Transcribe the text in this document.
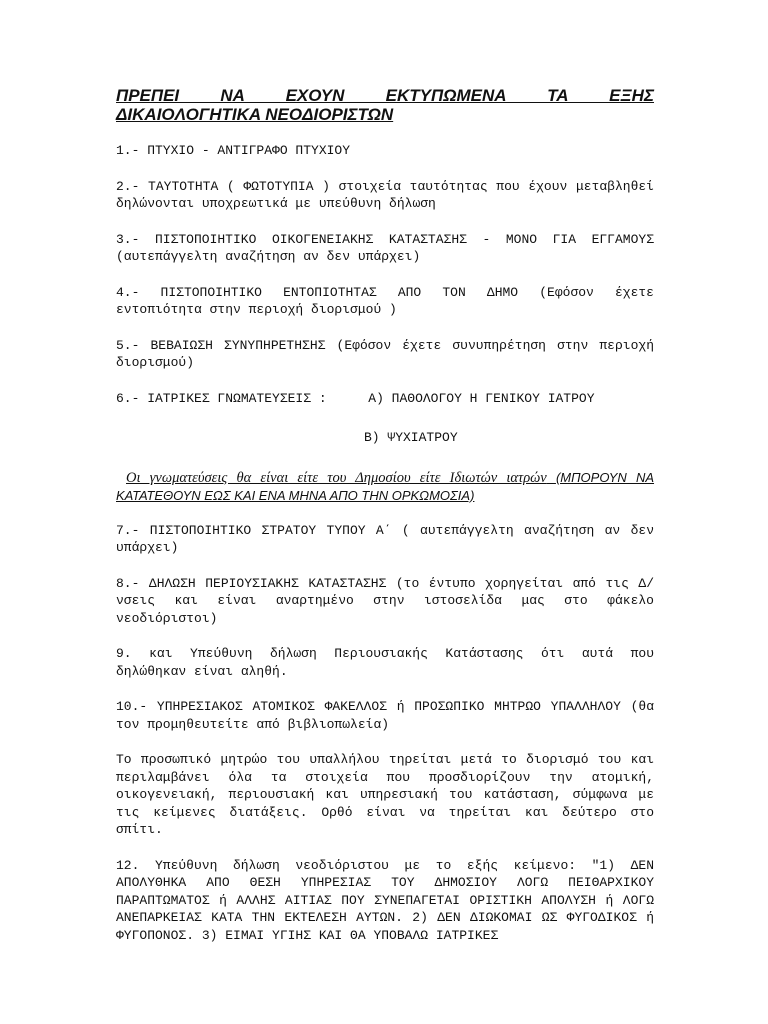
ΠΡΕΠΕΙ ΝΑ ΕΧΟΥΝ ΕΚΤΥΠΩΜΕΝΑ ΤΑ ΕΞΗΣ
ΔΙΚΑΙΟΛΟΓΗΤΙΚΑ ΝΕΟΔΙΟΡΙΣΤΩΝ

1.- ΠΤΥΧΙΟ - ΑΝΤΙΓΡΑΦΟ ΠΤΥΧΙΟΥ

2.- ΤΑΥΤΟΤΗΤΑ ( ΦΩΤΟΤΥΠΙΑ ) στοιχεία ταυτότητας που έχουν μεταβληθεί δηλώνονται υποχρεωτικά με υπεύθυνη δήλωση

3.- ΠΙΣΤΟΠΟΙΗΤΙΚΟ ΟΙΚΟΓΕΝΕΙΑΚΗΣ ΚΑΤΑΣΤΑΣΗΣ - ΜΟΝΟ ΓΙΑ ΕΓΓΑΜΟΥΣ (αυτεπάγγελτη αναζήτηση αν δεν υπάρχει)

4.- ΠΙΣΤΟΠΟΙΗΤΙΚΟ ΕΝΤΟΠΙΟΤΗΤΑΣ ΑΠΟ ΤΟΝ ΔΗΜΟ (Εφόσον έχετε εντοπιότητα στην περιοχή διορισμού )

5.- ΒΕΒΑΙΩΣΗ ΣΥΝΥΠΗΡΕΤΗΣΗΣ (Εφόσον έχετε συνυπηρέτηση στην περιοχή διορισμού)

6.- ΙΑΤΡΙΚΕΣ ΓΝΩΜΑΤΕΥΣΕΙΣ :	Α) ΠΑΘΟΛΟΓΟΥ Η ΓΕΝΙΚΟΥ ΙΑΤΡΟΥ

Β) ΨΥΧΙΑΤΡΟΥ
Οι γνωματεύσεις θα είναι είτε του Δημοσίου είτε Ιδιωτών ιατρών (ΜΠΟΡΟΥΝ ΝΑ ΚΑΤΑΤΕΘΟΥΝ ΕΩΣ ΚΑΙ ΕΝΑ ΜΗΝΑ ΑΠΟ ΤΗΝ ΟΡΚΩΜΟΣΙΑ)

7.- ΠΙΣΤΟΠΟΙΗΤΙΚΟ ΣΤΡΑΤΟΥ ΤΥΠΟΥ Α΄ ( αυτεπάγγελτη αναζήτηση αν δεν υπάρχει)

8.- ΔΗΛΩΣΗ ΠΕΡΙΟΥΣΙΑΚΗΣ ΚΑΤΑΣΤΑΣΗΣ (το έντυπο χορηγείται από τις Δ/νσεις και είναι αναρτημένο στην ιστοσελίδα μας στο φάκελο νεοδιόριστοι)

9. και Υπεύθυνη δήλωση Περιουσιακής Κατάστασης ότι αυτά που δηλώθηκαν είναι αληθή.

10.- ΥΠΗΡΕΣΙΑΚΟΣ ΑΤΟΜΙΚΟΣ ΦΑΚΕΛΛΟΣ ή ΠΡΟΣΩΠΙΚΟ ΜΗΤΡΩΟ ΥΠΑΛΛΗΛΟΥ (θα τον προμηθευτείτε από βιβλιοπωλεία)

Το προσωπικό μητρώο του υπαλλήλου τηρείται μετά το διορισμό του και περιλαμβάνει όλα τα στοιχεία που προσδιορίζουν την ατομική, οικογενειακή, περιουσιακή και υπηρεσιακή του κατάσταση, σύμφωνα με τις κείμενες διατάξεις. Ορθό είναι να τηρείται και δεύτερο στο σπίτι.

12. Υπεύθυνη δήλωση νεοδιόριστου με το εξής κείμενο: "1) ΔΕΝ ΑΠΟΛΥΘΗΚΑ ΑΠΟ ΘΕΣΗ ΥΠΗΡΕΣΙΑΣ ΤΟΥ ΔΗΜΟΣΙΟΥ ΛΟΓΩ ΠΕΙΘΑΡΧΙΚΟΥ ΠΑΡΑΠΤΩΜΑΤΟΣ ή ΑΛΛΗΣ ΑΙΤΙΑΣ ΠΟΥ ΣΥΝΕΠΑΓΕΤΑΙ ΟΡΙΣΤΙΚΗ ΑΠΟΛΥΣΗ ή ΛΟΓΩ ΑΝΕΠΑΡΚΕΙΑΣ ΚΑΤΑ ΤΗΝ ΕΚΤΕΛΕΣΗ ΑΥΤΩΝ. 2) ΔΕΝ ΔΙΩΚΟΜΑΙ ΩΣ ΦΥΓΟΔΙΚΟΣ ή ΦΥΓΟΠΟΝΟΣ. 3) ΕΙΜΑΙ ΥΓΙΗΣ ΚΑΙ ΘΑ ΥΠΟΒΑΛΩ ΙΑΤΡΙΚΕΣ
